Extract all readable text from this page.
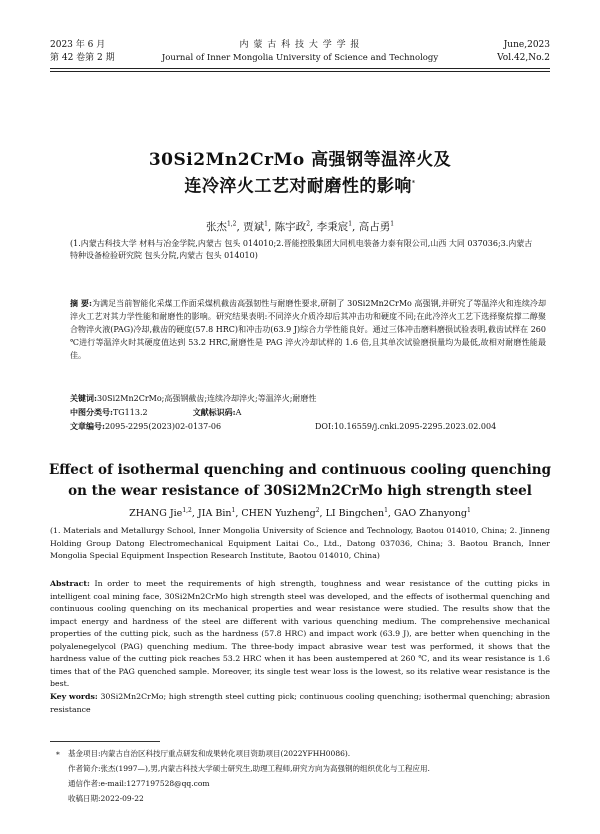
2023 年 6 月
第 42 卷第 2 期
内 蒙 古 科 技 大 学 学 报
Journal of Inner Mongolia University of Science and Technology
June,2023
Vol.42,No.2
30Si2Mn2CrMo 高强钢等温淬火及
连冷淬火工艺对耐磨性的影响*
张杰$^{1,2}$, 贾斌$^1$, 陈宇政$^2$, 李秉宸$^1$, 高占勇$^1$
(1.内蒙古科技大学 材料与冶金学院,内蒙古 包头 014010;2.晋能控股集团大同机电装备力泰有限公司,山西 大同 037036;3.内蒙古特种设备检验研究院 包头分院,内蒙古 包头 014010)
摘 要:为满足当前智能化采煤工作面采煤机截齿高强韧性与耐磨性要求,研制了 30Si2Mn2CrMo 高强钢,并研究了等温淬火和连续冷却淬火工艺对其力学性能和耐磨性的影响。研究结果表明:不同淬火介质冷却后其冲击功和硬度不同;在此冷淬火工艺下选择聚烷撑二醇聚合物淬火液(PAG)冷却,截齿的硬度(57.8 HRC)和冲击功(63.9 J)综合力学性能良好。通过三体冲击磨料磨损试验表明,截齿试样在 260 ℃进行等温淬火时其硬度值达到 53.2 HRC,耐磨性是 PAG 淬火冷却试样的 1.6 倍,且其单次试验磨损量均为最低,故相对耐磨性能最佳。
关键词:30Si2Mn2CrMo;高强钢截齿;连续冷却淬火;等温淬火;耐磨性
中图分类号:TG113.2	文献标识码:A
文章编号:2095-2295(2023)02-0137-06	DOI:10.16559/j.cnki.2095-2295.2023.02.004
Effect of isothermal quenching and continuous cooling quenching
on the wear resistance of 30Si2Mn2CrMo high strength steel
ZHANG Jie$^{1,2}$, JIA Bin$^1$, CHEN Yuzheng$^2$, LI Bingchen$^1$, GAO Zhanyong$^1$
(1. Materials and Metallurgy School, Inner Mongolia University of Science and Technology, Baotou 014010, China; 2. Jinneng Holding Group Datong Electromechanical Equipment Laitai Co., Ltd., Datong 037036, China; 3. Baotou Branch, Inner Mongolia Special Equipment Inspection Research Institute, Baotou 014010, China)
Abstract: In order to meet the requirements of high strength, toughness and wear resistance of the cutting picks in intelligent coal mining face, 30Si2Mn2CrMo high strength steel was developed, and the effects of isothermal quenching and continuous cooling quenching on its mechanical properties and wear resistance were studied. The results show that the impact energy and hardness of the steel are different with various quenching medium. The comprehensive mechanical properties of the cutting pick, such as the hardness (57.8 HRC) and impact work (63.9 J), are better when quenching in the polyalenegelycol (PAG) quenching medium. The three-body impact abrasive wear test was performed, it shows that the hardness value of the cutting pick reaches 53.2 HRC when it has been austempered at 260 ℃, and its wear resistance is 1.6 times that of the PAG quenched sample. Moreover, its single test wear loss is the lowest, so its relative wear resistance is the best.
Key words: 30Si2Mn2CrMo; high strength steel cutting pick; continuous cooling quenching; isothermal quenching; abrasion resistance
*	基金项目:内蒙古自治区科技厅重点研发和成果转化项目资助项目(2022YFHH0086).
作者简介:张杰(1997—),男,内蒙古科技大学硕士研究生,助理工程师,研究方向为高强钢的组织优化与工程应用.
通信作者:e-mail:1277197528@qq.com
收稿日期:2022-09-22
